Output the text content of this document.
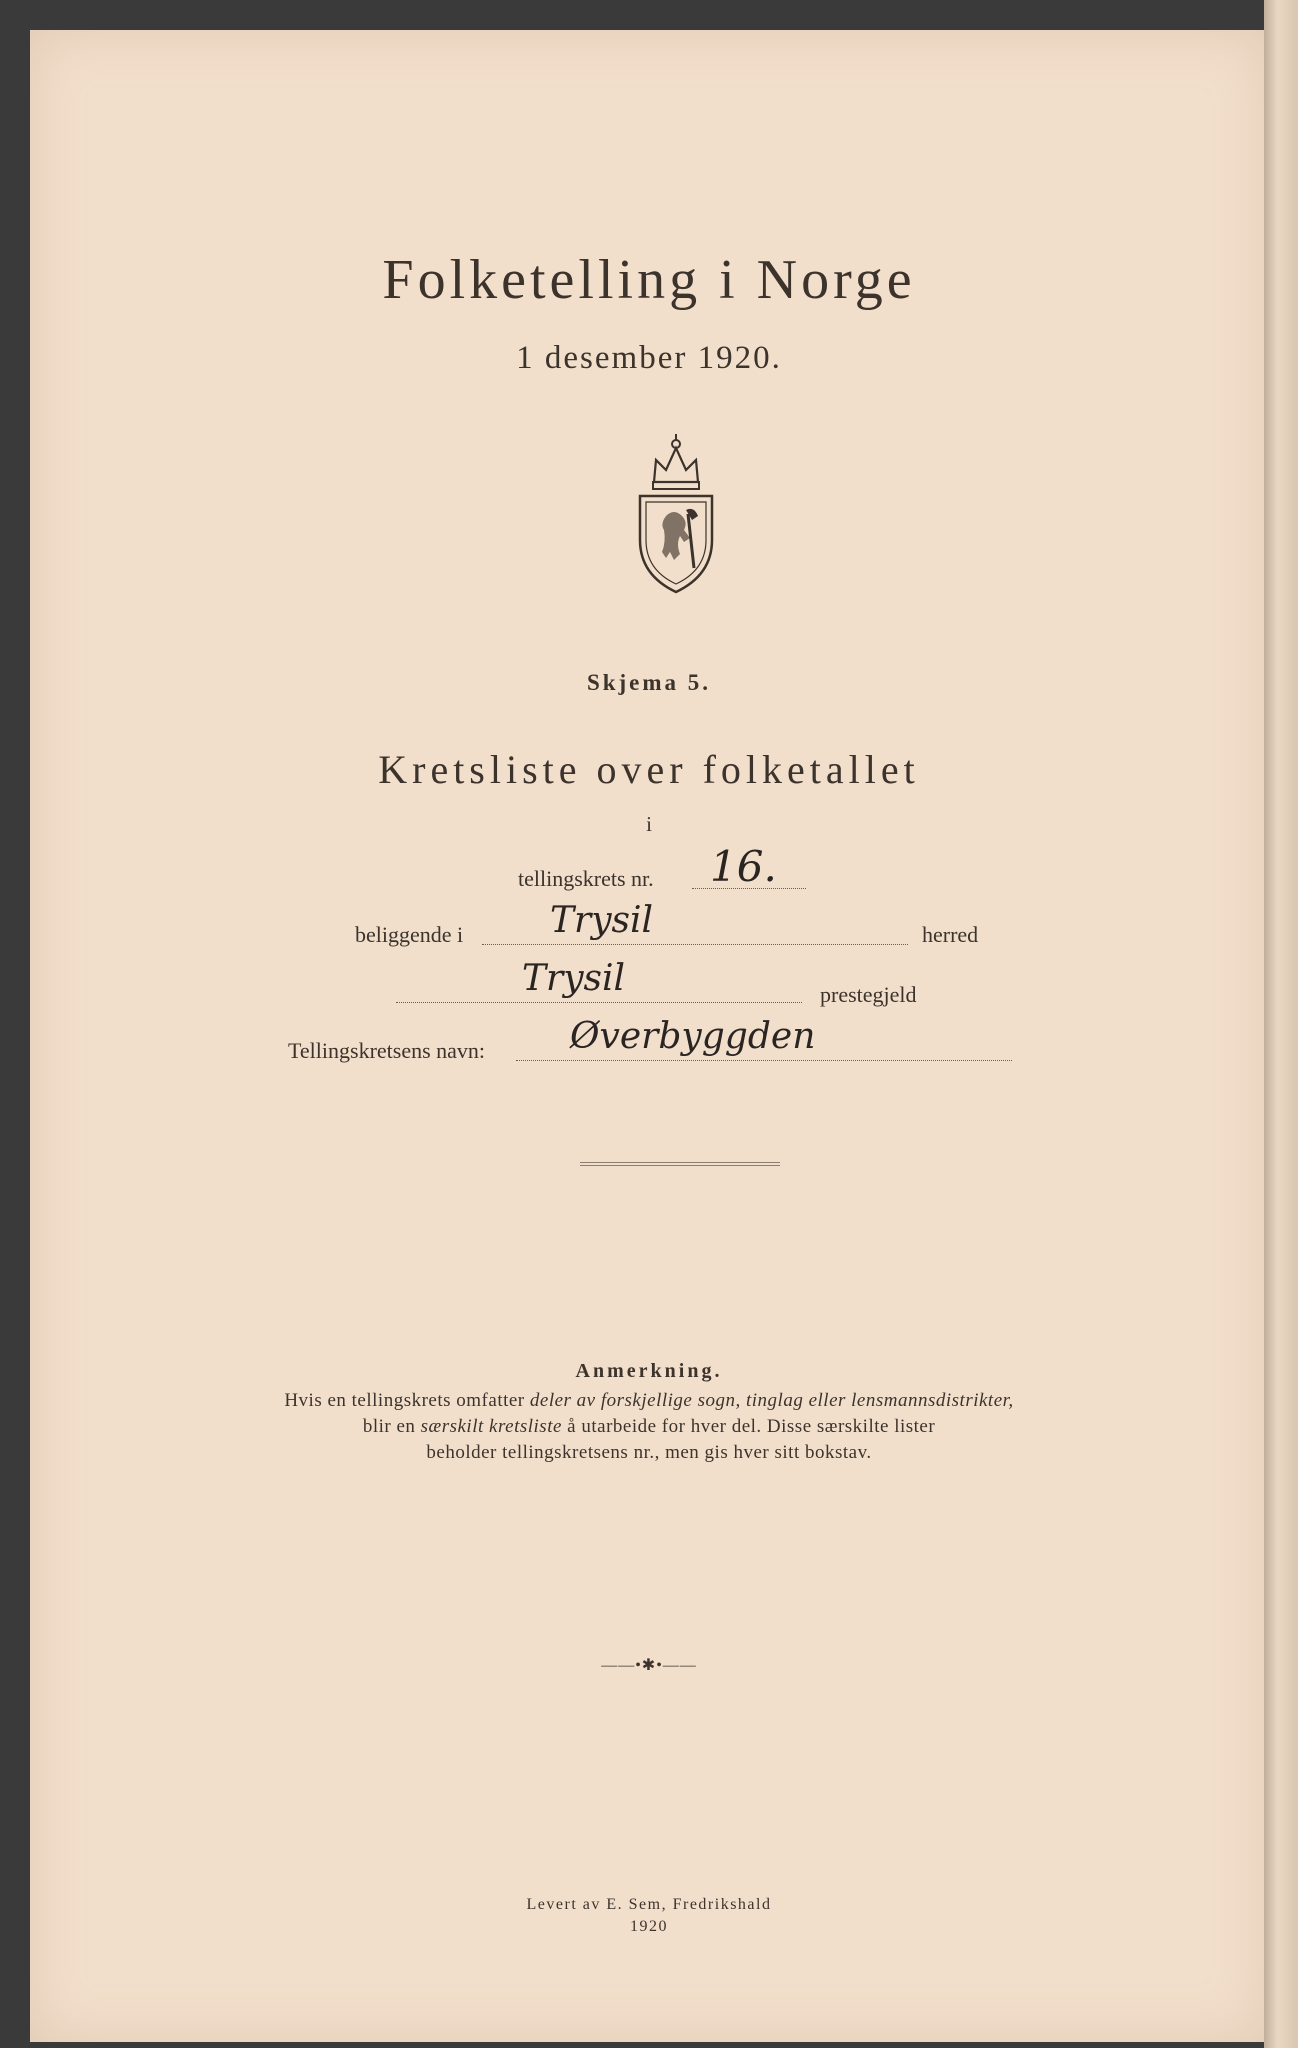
Folketelling i Norge
1 desember 1920.
Skjema 5.
Kretsliste over folketallet
i
tellingskrets nr. 16.
beliggende i Trysil	herred
Trysil	prestegjeld
Tellingskretsens navn: Øverbyggden
Anmerkning.
Hvis en tellingskrets omfatter deler av forskjellige sogn, tinglag eller lensmannsdistrikter,
blir en særskilt kretsliste å utarbeide for hver del. Disse særskilte lister
beholder tellingskretsens nr., men gis hver sitt bokstav.
——•✱•——
Levert av E. Sem, Fredrikshald
1920
